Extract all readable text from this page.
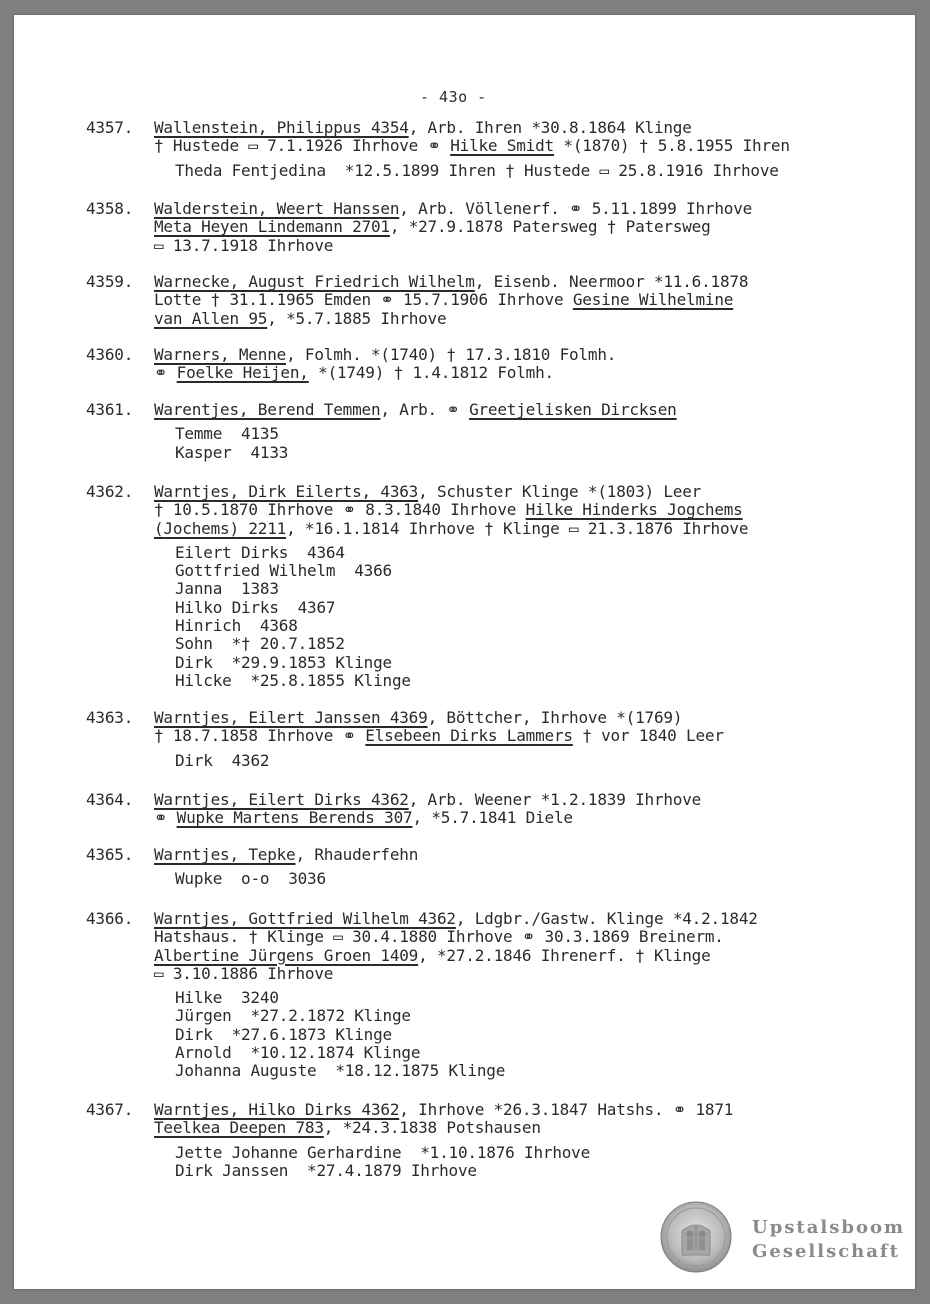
- 43o -
4357.	Wallenstein, Philippus 4354, Arb. Ihren *30.8.1864 Klinge
† Hustede ▭ 7.1.1926 Ihrhove ⚭ Hilke Smidt *(1870) † 5.8.1955 Ihren
Theda Fentjedina  *12.5.1899 Ihren † Hustede ▭ 25.8.1916 Ihrhove
4358.	Walderstein, Weert Hanssen, Arb. Völlenerf. ⚭ 5.11.1899 Ihrhove
Meta Heyen Lindemann 2701, *27.9.1878 Patersweg † Patersweg
▭ 13.7.1918 Ihrhove
4359.	Warnecke, August Friedrich Wilhelm, Eisenb. Neermoor *11.6.1878
Lotte † 31.1.1965 Emden ⚭ 15.7.1906 Ihrhove Gesine Wilhelmine
van Allen 95, *5.7.1885 Ihrhove
4360.	Warners, Menne, Folmh. *(1740) † 17.3.1810 Folmh.
⚭ Foelke Heijen, *(1749) † 1.4.1812 Folmh.
4361.	Warentjes, Berend Temmen, Arb. ⚭ Greetjelisken Dircksen
Temme  4135
Kasper  4133
4362.	Warntjes, Dirk Eilerts, 4363, Schuster Klinge *(1803) Leer
† 10.5.1870 Ihrhove ⚭ 8.3.1840 Ihrhove Hilke Hinderks Jogchems
(Jochems) 2211, *16.1.1814 Ihrhove † Klinge ▭ 21.3.1876 Ihrhove
Eilert Dirks  4364
Gottfried Wilhelm  4366
Janna  1383
Hilko Dirks  4367
Hinrich  4368
Sohn  *† 20.7.1852
Dirk  *29.9.1853 Klinge
Hilcke  *25.8.1855 Klinge
4363.	Warntjes, Eilert Janssen 4369, Böttcher, Ihrhove *(1769)
† 18.7.1858 Ihrhove ⚭ Elsebeen Dirks Lammers † vor 1840 Leer
Dirk  4362
4364.	Warntjes, Eilert Dirks 4362, Arb. Weener *1.2.1839 Ihrhove
⚭ Wupke Martens Berends 307, *5.7.1841 Diele
4365.	Warntjes, Tepke, Rhauderfehn
Wupke  o-o  3036
4366.	Warntjes, Gottfried Wilhelm 4362, Ldgbr./Gastw. Klinge *4.2.1842
Hatshaus. † Klinge ▭ 30.4.1880 Ihrhove ⚭ 30.3.1869 Breinerm.
Albertine Jürgens Groen 1409, *27.2.1846 Ihrenerf. † Klinge
▭ 3.10.1886 Ihrhove
Hilke  3240
Jürgen  *27.2.1872 Klinge
Dirk  *27.6.1873 Klinge
Arnold  *10.12.1874 Klinge
Johanna Auguste  *18.12.1875 Klinge
4367.	Warntjes, Hilko Dirks 4362, Ihrhove *26.3.1847 Hatshs. ⚭ 1871
Teelkea Deepen 783, *24.3.1838 Potshausen
Jette Johanne Gerhardine  *1.10.1876 Ihrhove
Dirk Janssen  *27.4.1879 Ihrhove
Upstalsboom
Gesellschaft
